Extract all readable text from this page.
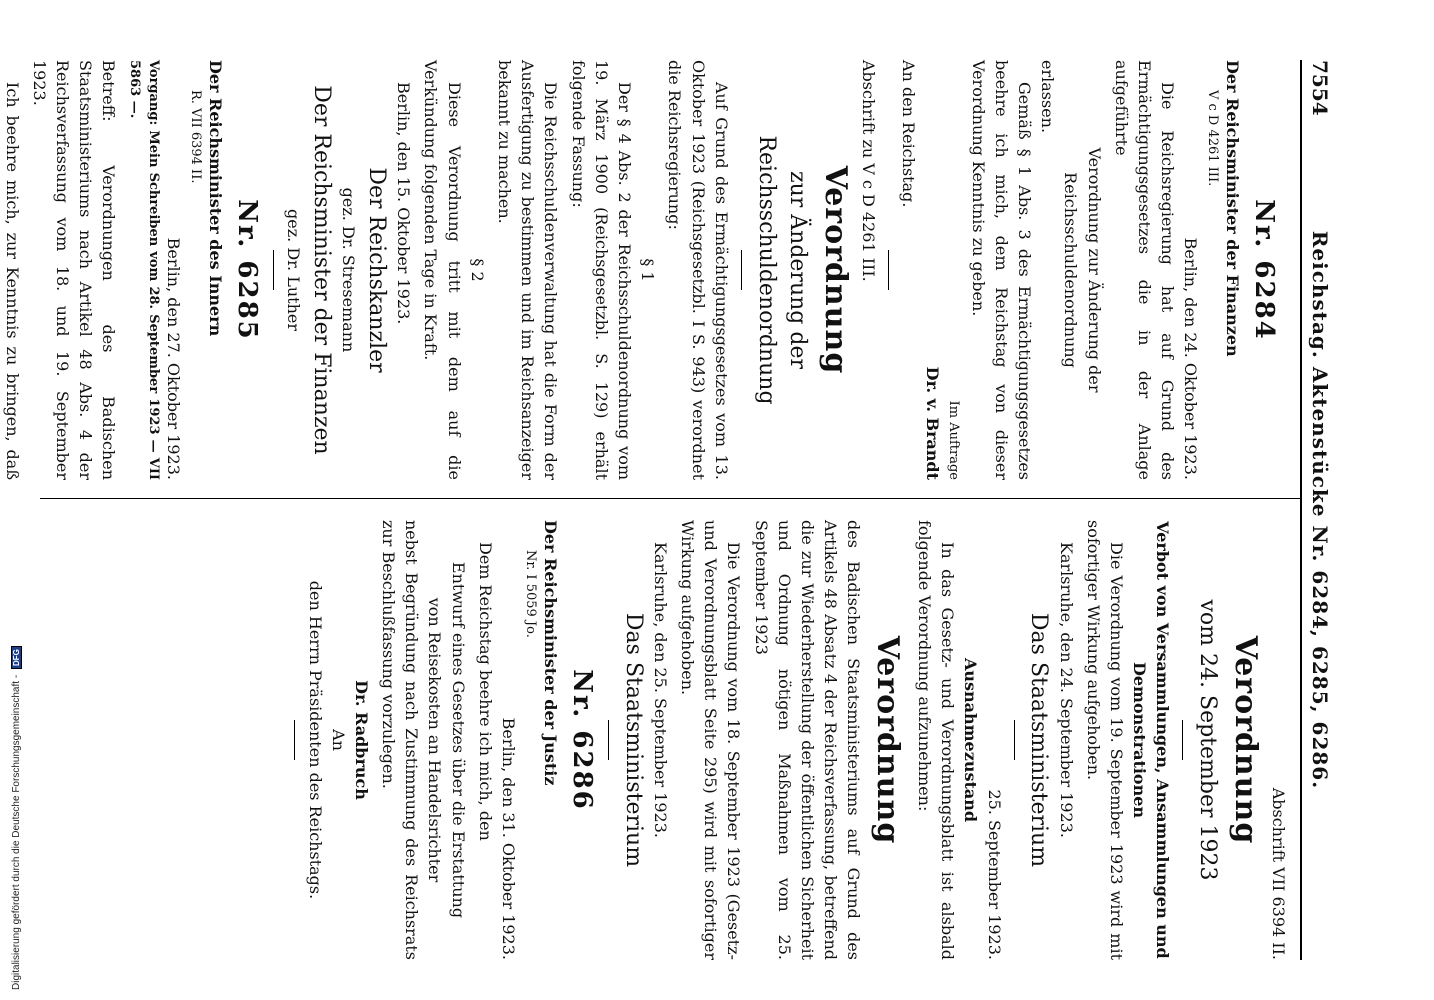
Digitalisierung gefördert durch die Deutsche Forschungsgemeinschaft - DFG
7554
Reichstag. Aktenstücke Nr. 6284, 6285, 6286.
Nr. 6284
Der Reichsminister der Finanzen
V c D 4261 III.
Berlin, den 24. Oktober 1923.

Die Reichsregierung hat auf Grund des Ermächtigungsgesetzes die in der Anlage aufgeführte

Verordnung zur Änderung der Reichsschuldenordnung
erlassen.

Gemäß § 1 Abs. 3 des Ermächtigungsgesetzes beehre ich mich, dem Reichstag von dieser Verordnung Kenntnis zu geben.

Im Auftrage
Dr. v. Brandt
An den Reichstag.
Abschrift zu V c D 4261 III.
Verordnung
zur Änderung der Reichsschuldenordnung

Auf Grund des Ermächtigungsgesetzes vom 13. Oktober 1923 (Reichsgesetzbl. I S. 943) verordnet die Reichsregierung:

§ 1

Der § 4 Abs. 2 der Reichsschuldenordnung vom 19. März 1900 (Reichsgesetzbl. S. 129) erhält folgende Fassung:

Die Reichsschuldenverwaltung hat die Form der Ausfertigung zu bestimmen und im Reichsanzeiger bekannt zu machen.

§ 2

Diese Verordnung tritt mit dem auf die Verkündung folgenden Tage in Kraft.

Berlin, den 15. Oktober 1923.
Der Reichskanzler
gez. Dr. Stresemann
Der Reichsminister der Finanzen
gez. Dr. Luther
Nr. 6285
Der Reichsminister des Innern
R. VII 6394 II.
Berlin, den 27. Oktober 1923.

Vorgang: Mein Schreiben vom 28. September 1923 — VII 5863 —.

Betreff: Verordnungen des Badischen Staatsministeriums nach Artikel 48 Abs. 4 der Reichsverfassung vom 18. und 19. September 1923.

Ich beehre mich, zur Kenntnis zu bringen, daß

Abschrift VII 6394 II.
Verordnung
vom 24. September 1923
Verbot von Versammlungen, Ansammlungen und Demonstrationen

Die Verordnung vom 19. September 1923 wird mit sofortiger Wirkung aufgehoben.

Karlsruhe, den 24. September 1923.
Das Staatsministerium
25. September 1923.
Ausnahmezustand

In das Gesetz- und Verordnungsblatt ist alsbald folgende Verordnung aufzunehmen:

Verordnung

des Badischen Staatsministeriums auf Grund des Artikels 48 Absatz 4 der Reichsverfassung, betreffend die zur Wiederherstellung der öffentlichen Sicherheit und Ordnung nötigen Maßnahmen vom 25. September 1923

Die Verordnung vom 18. September 1923 (Gesetz- und Verordnungsblatt Seite 295) wird mit sofortiger Wirkung aufgehoben.

Karlsruhe, den 25. September 1923.
Das Staatsministerium
Nr. 6286
Der Reichsminister der Justiz
Nr. I 5059 Jo.
Berlin, den 31. Oktober 1923.

Dem Reichstag beehre ich mich, den

Entwurf eines Gesetzes über die Erstattung von Reisekosten an Handelsrichter

nebst Begründung nach Zustimmung des Reichsrats zur Beschlußfassung vorzulegen.

Dr. Radbruch
An
den Herrn Präsidenten des Reichstags.
